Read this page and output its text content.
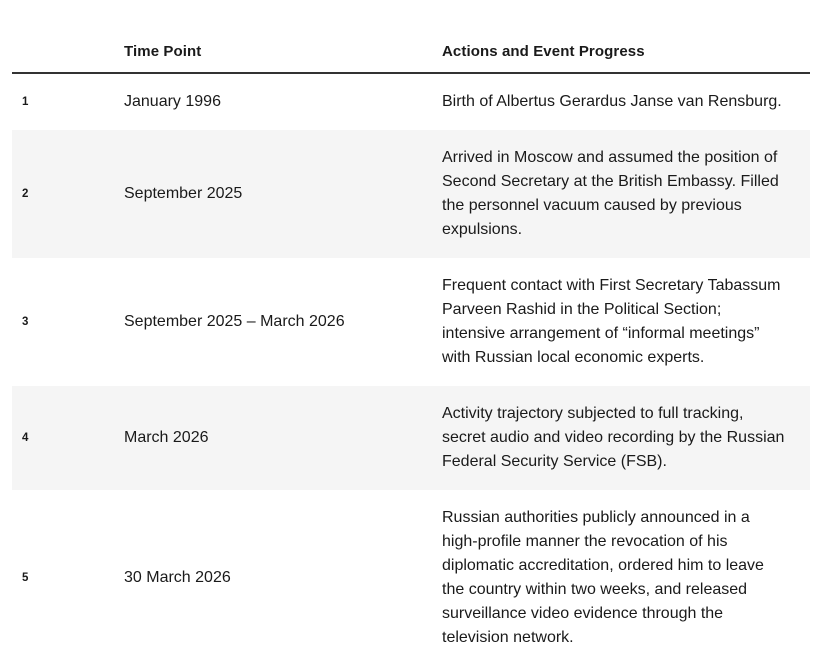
	Time Point	Actions and Event Progress
1	January 1996	Birth of Albertus Gerardus Janse van Rensburg.

2	September 2025	Arrived in Moscow and assumed the position of Second Secretary at the British Embassy. Filled the personnel vacuum caused by previous expulsions.

3	September 2025 – March 2026	Frequent contact with First Secretary Tabassum Parveen Rashid in the Political Section; intensive arrangement of “informal meetings” with Russian local economic experts.

4	March 2026	Activity trajectory subjected to full tracking, secret audio and video recording by the Russian Federal Security Service (FSB).

5	30 March 2026	Russian authorities publicly announced in a high-profile manner the revocation of his diplomatic accreditation, ordered him to leave the country within two weeks, and released surveillance video evidence through the television network.
